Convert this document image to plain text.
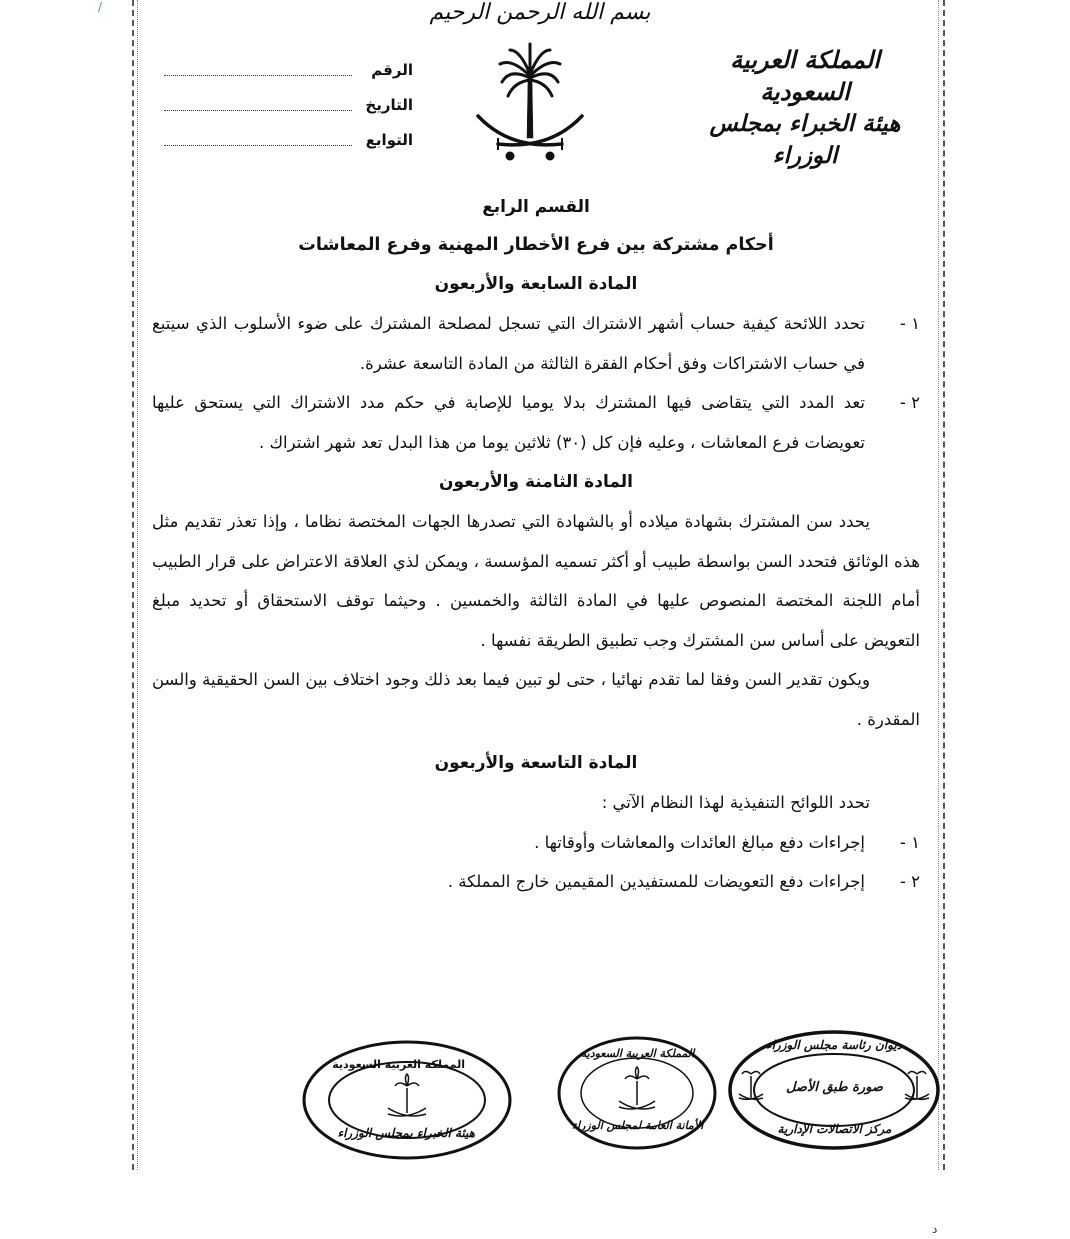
/	بسم الله الرحمن الرحيم
المملكة العربية السعودية
هيئة الخبراء بمجلس الوزراء
الرقم
التاريخ
التوابع
القسم الرابع
أحكام مشتركة بين فرع الأخطار المهنية وفرع المعاشات
المادة السابعة والأربعون
١ -
تحدد اللائحة كيفية حساب أشهر الاشتراك التي تسجل لمصلحة المشترك على ضوء الأسلوب الذي سيتبع في حساب الاشتراكات وفق أحكام الفقرة الثالثة من المادة التاسعة عشرة.
٢ -
تعد المدد التي يتقاضى فيها المشترك بدلا يوميا للإصابة في حكم مدد الاشتراك التي يستحق عليها تعويضات فرع المعاشات ، وعليه فإن كل (٣٠) ثلاثين يوما من هذا البدل تعد شهر اشتراك .
المادة الثامنة والأربعون

يحدد سن المشترك بشهادة ميلاده أو بالشهادة التي تصدرها الجهات المختصة نظاما ، وإذا تعذر تقديم مثل هذه الوثائق فتحدد السن بواسطة طبيب أو أكثر تسميه المؤسسة ، ويمكن لذي العلاقة الاعتراض على قرار الطبيب أمام اللجنة المختصة المنصوص عليها في المادة الثالثة والخمسين . وحيثما توقف الاستحقاق أو تحديد مبلغ التعويض على أساس سن المشترك وجب تطبيق الطريقة نفسها .

ويكون تقدير السن وفقا لما تقدم نهائيا ، حتى لو تبين فيما بعد ذلك وجود اختلاف بين السن الحقيقية والسن المقدرة .

المادة التاسعة والأربعون

تحدد اللوائح التنفيذية لهذا النظام الآتي :

١ -
إجراءات دفع مبالغ العائدات والمعاشات وأوقاتها .
٢ -
إجراءات دفع التعويضات للمستفيدين المقيمين خارج المملكة .
المملكة العربية السعودية
هيئة الخبراء بمجلس الوزراء
المملكة العربية السعودية
الأمانة العامة لمجلس الوزراء
ديوان رئاسة مجلس الوزراء
صورة طبق الأصل
مركز الاتصالات الإدارية
د
